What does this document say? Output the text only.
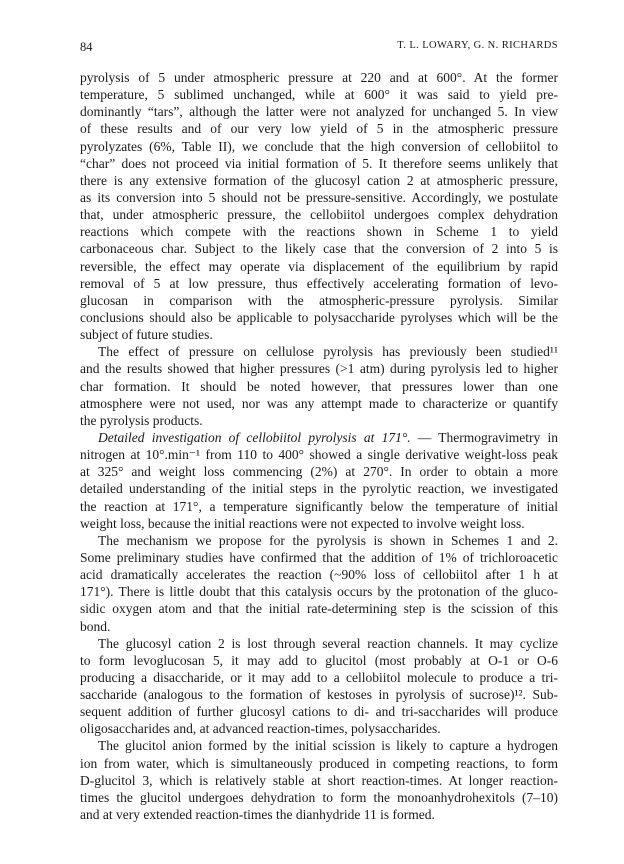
84	T. L. LOWARY, G. N. RICHARDS
pyrolysis of 5 under atmospheric pressure at 220 and at 600°. At the former
temperature, 5 sublimed unchanged, while at 600° it was said to yield pre-
dominantly “tars”, although the latter were not analyzed for unchanged 5. In view
of these results and of our very low yield of 5 in the atmospheric pressure
pyrolyzates (6%, Table II), we conclude that the high conversion of cellobiitol to
“char” does not proceed via initial formation of 5. It therefore seems unlikely that
there is any extensive formation of the glucosyl cation 2 at atmospheric pressure,
as its conversion into 5 should not be pressure-sensitive. Accordingly, we postulate
that, under atmospheric pressure, the cellobiitol undergoes complex dehydration
reactions which compete with the reactions shown in Scheme 1 to yield
carbonaceous char. Subject to the likely case that the conversion of 2 into 5 is
reversible, the effect may operate via displacement of the equilibrium by rapid
removal of 5 at low pressure, thus effectively accelerating formation of levo-
glucosan in comparison with the atmospheric-pressure pyrolysis. Similar
conclusions should also be applicable to polysaccharide pyrolyses which will be the
subject of future studies.
The effect of pressure on cellulose pyrolysis has previously been studied¹¹
and the results showed that higher pressures (>1 atm) during pyrolysis led to higher
char formation. It should be noted however, that pressures lower than one
atmosphere were not used, nor was any attempt made to characterize or quantify
the pyrolysis products.
Detailed investigation of cellobiitol pyrolysis at 171°. — Thermogravimetry in
nitrogen at 10°.min⁻¹ from 110 to 400° showed a single derivative weight-loss peak
at 325° and weight loss commencing (2%) at 270°. In order to obtain a more
detailed understanding of the initial steps in the pyrolytic reaction, we investigated
the reaction at 171°, a temperature significantly below the temperature of initial
weight loss, because the initial reactions were not expected to involve weight loss.
The mechanism we propose for the pyrolysis is shown in Schemes 1 and 2.
Some preliminary studies have confirmed that the addition of 1% of trichloroacetic
acid dramatically accelerates the reaction (~90% loss of cellobiitol after 1 h at
171°). There is little doubt that this catalysis occurs by the protonation of the gluco-
sidic oxygen atom and that the initial rate-determining step is the scission of this
bond.
The glucosyl cation 2 is lost through several reaction channels. It may cyclize
to form levoglucosan 5, it may add to glucitol (most probably at O-1 or O-6
producing a disaccharide, or it may add to a cellobiitol molecule to produce a tri-
saccharide (analogous to the formation of kestoses in pyrolysis of sucrose)¹². Sub-
sequent addition of further glucosyl cations to di- and tri-saccharides will produce
oligosaccharides and, at advanced reaction-times, polysaccharides.
The glucitol anion formed by the initial scission is likely to capture a hydrogen
ion from water, which is simultaneously produced in competing reactions, to form
D-glucitol 3, which is relatively stable at short reaction-times. At longer reaction-
times the glucitol undergoes dehydration to form the monoanhydrohexitols (7–10)
and at very extended reaction-times the dianhydride 11 is formed.
